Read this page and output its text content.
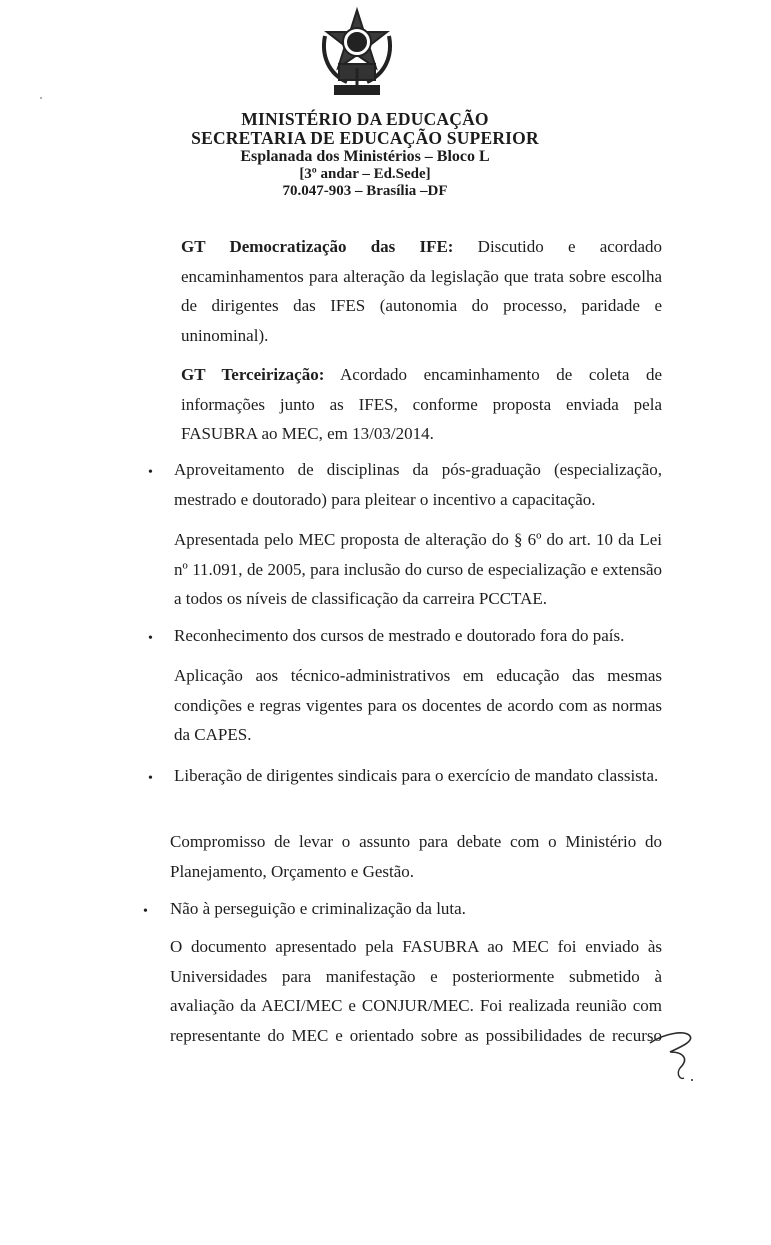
MINISTÉRIO DA EDUCAÇÃO
SECRETARIA DE EDUCAÇÃO SUPERIOR
Esplanada dos Ministérios – Bloco L
[3º andar – Ed.Sede]
70.047-903 – Brasília –DF
GT Democratização das IFE: Discutido e acordado encaminhamentos para alteração da legislação que trata sobre escolha de dirigentes das IFES (autonomia do processo, paridade e uninominal).
GT Terceirização: Acordado encaminhamento de coleta de informações junto as IFES, conforme proposta enviada pela FASUBRA ao MEC, em 13/03/2014.
• Aproveitamento de disciplinas da pós-graduação (especialização, mestrado e doutorado) para pleitear o incentivo a capacitação.
Apresentada pelo MEC proposta de alteração do § 6º do art. 10 da Lei nº 11.091, de 2005, para inclusão do curso de especialização e extensão a todos os níveis de classificação da carreira PCCTAE.
• Reconhecimento dos cursos de mestrado e doutorado fora do país.
Aplicação aos técnico-administrativos em educação das mesmas condições e regras vigentes para os docentes de acordo com as normas da CAPES.
• Liberação de dirigentes sindicais para o exercício de mandato classista.
Compromisso de levar o assunto para debate com o Ministério do Planejamento, Orçamento e Gestão.
• Não à perseguição e criminalização da luta.
O documento apresentado pela FASUBRA ao MEC foi enviado às Universidades para manifestação e posteriormente submetido à avaliação da AECI/MEC e CONJUR/MEC. Foi realizada reunião com representante do MEC e orientado sobre as possibilidades de recurso
